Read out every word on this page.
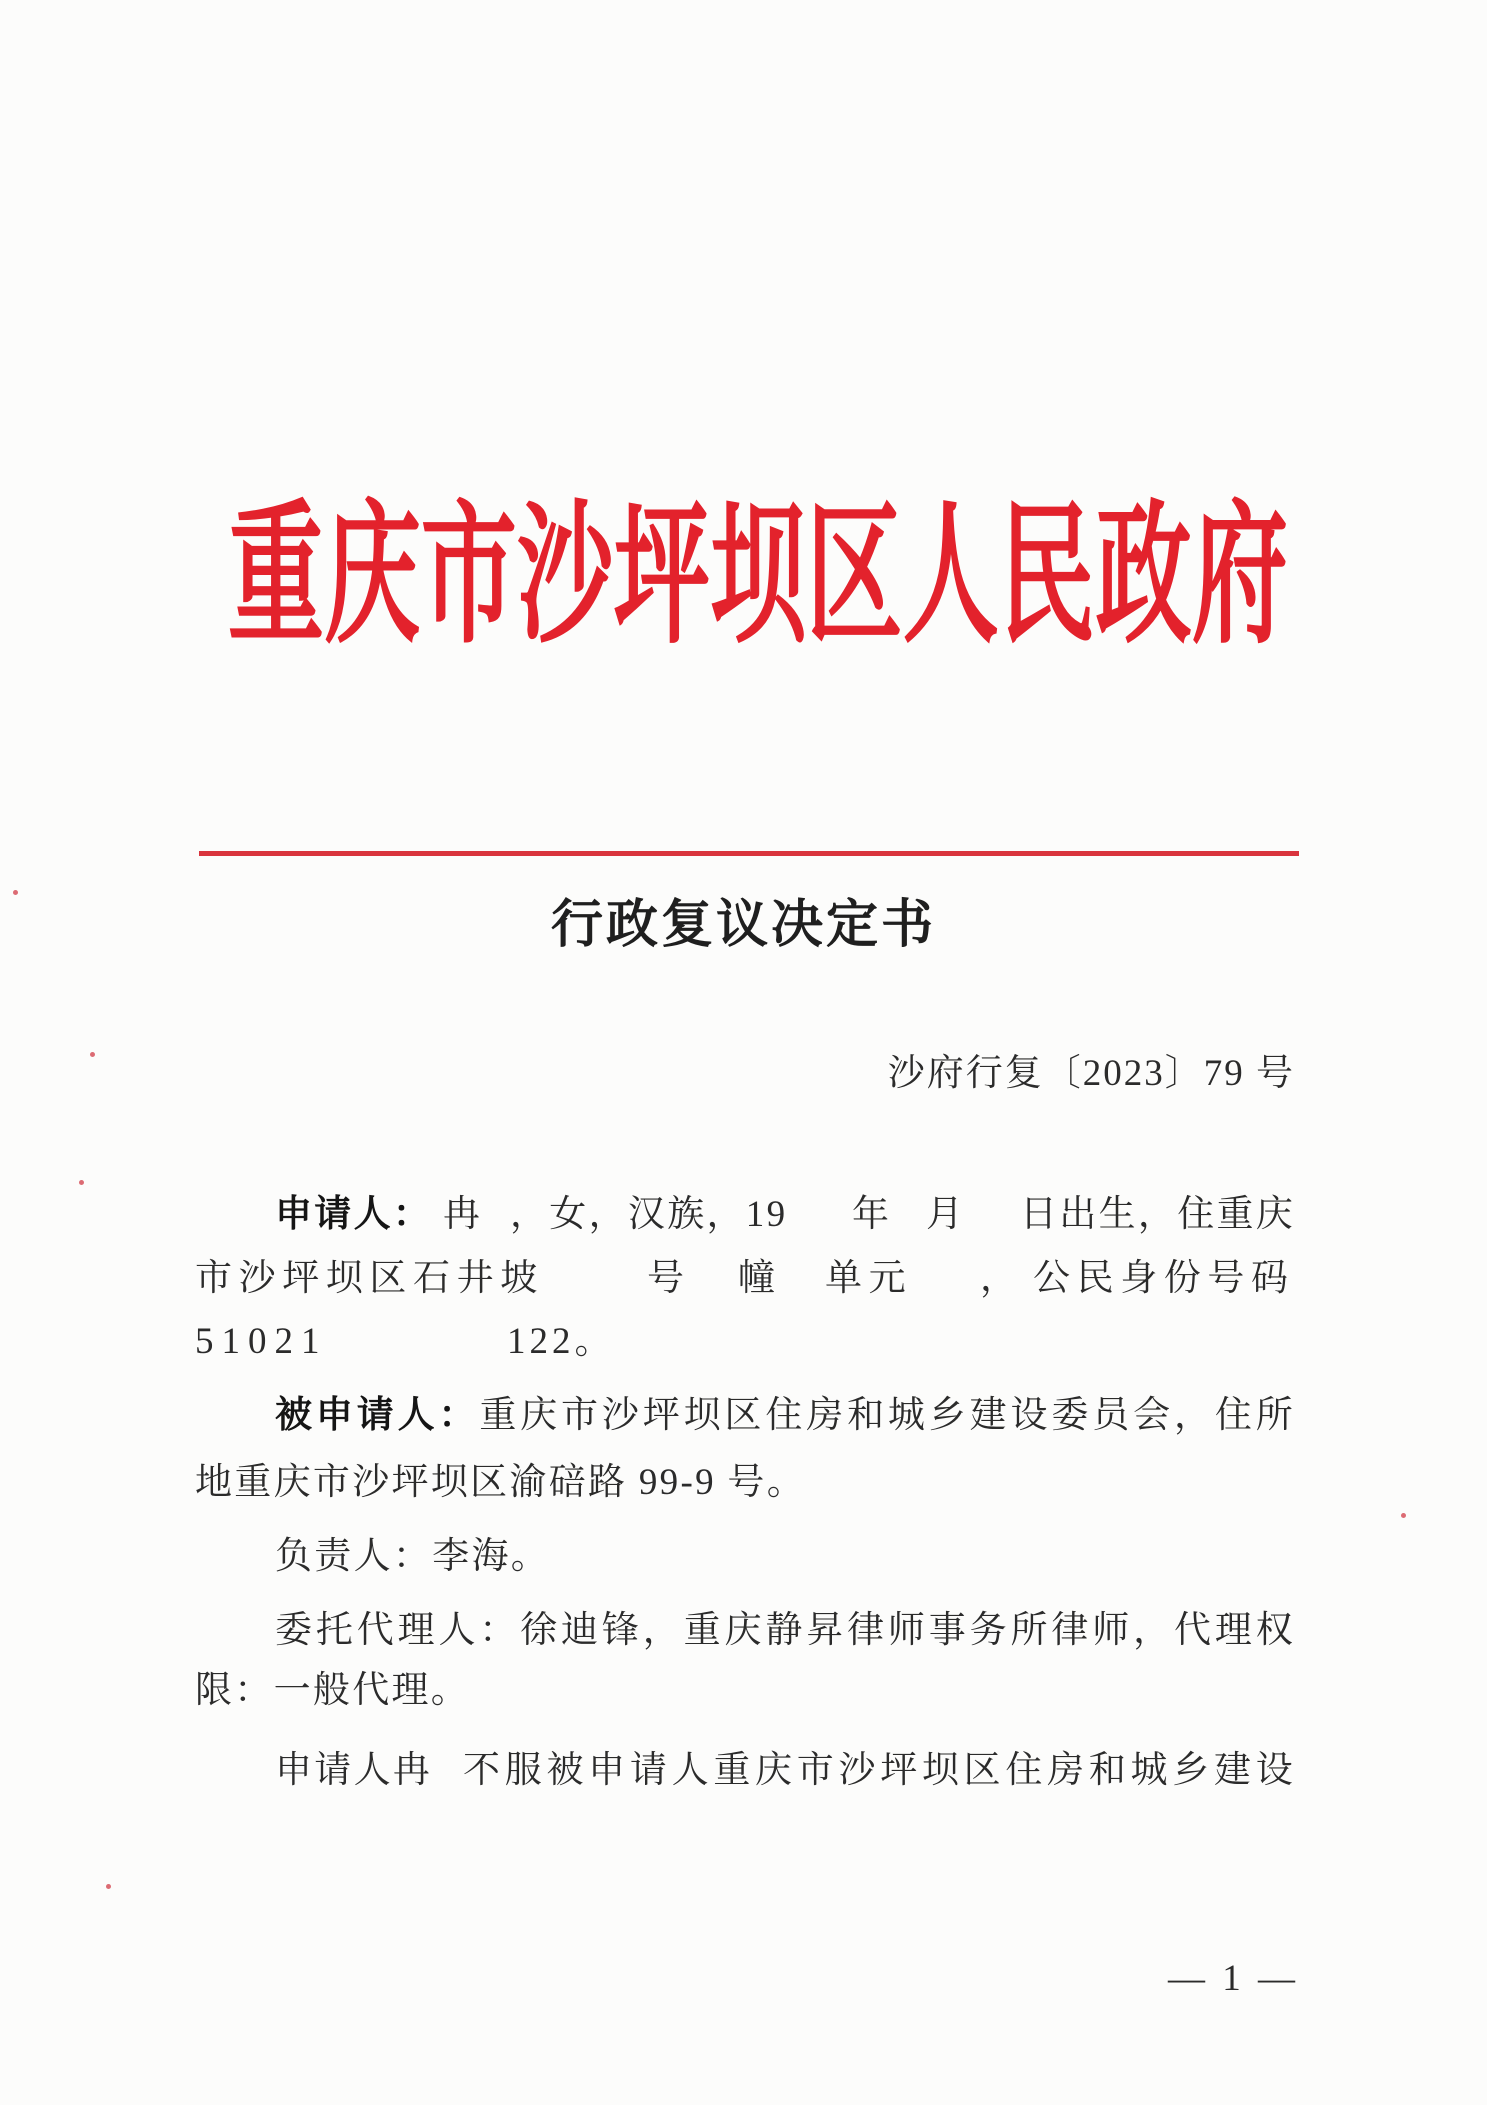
重庆市沙坪坝区人民政府
行政复议决定书
沙府行复〔2023〕79 号
申请人： 冉 ，女，汉族，19 年 月 日出生，住重庆
市沙坪坝区石井坡	号 幢 单元 ， 公民身份号码
51021	122。
被申请人：重庆市沙坪坝区住房和城乡建设委员会，住所
地重庆市沙坪坝区渝碚路 99-9 号。
负责人：李海。
委托代理人：徐迪锋，重庆静昇律师事务所律师，代理权
限：一般代理。
申请人冉 不服被申请人重庆市沙坪坝区住房和城乡建设
— 1 —
